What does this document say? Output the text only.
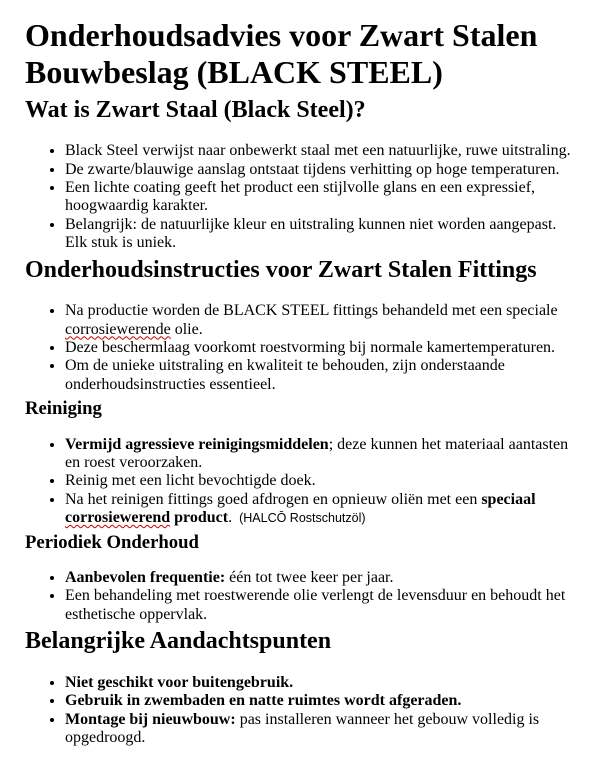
Onderhoudsadvies voor Zwart Stalen Bouwbeslag (BLACK STEEL)
Wat is Zwart Staal (Black Steel)?
• Black Steel verwijst naar onbewerkt staal met een natuurlijke, ruwe uitstraling.
• De zwarte/blauwige aanslag ontstaat tijdens verhitting op hoge temperaturen.
• Een lichte coating geeft het product een stijlvolle glans en een expressief, hoogwaardig karakter.
• Belangrijk: de natuurlijke kleur en uitstraling kunnen niet worden aangepast. Elk stuk is uniek.
Onderhoudsinstructies voor Zwart Stalen Fittings
• Na productie worden de BLACK STEEL fittings behandeld met een speciale corrosiewerende olie.
• Deze beschermlaag voorkomt roestvorming bij normale kamertemperaturen.
• Om de unieke uitstraling en kwaliteit te behouden, zijn onderstaande onderhoudsinstructies essentieel.
Reiniging
• Vermijd agressieve reinigingsmiddelen; deze kunnen het materiaal aantasten en roest veroorzaken.
• Reinig met een licht bevochtigde doek.
• Na het reinigen fittings goed afdrogen en opnieuw oliën met een speciaal corrosiewerend product. (HALCŌ Rostschutzöl)
Periodiek Onderhoud
• Aanbevolen frequentie: één tot twee keer per jaar.
• Een behandeling met roestwerende olie verlengt de levensduur en behoudt het esthetische oppervlak.
Belangrijke Aandachtspunten
• Niet geschikt voor buitengebruik.
• Gebruik in zwembaden en natte ruimtes wordt afgeraden.
• Montage bij nieuwbouw: pas installeren wanneer het gebouw volledig is opgedroogd.
